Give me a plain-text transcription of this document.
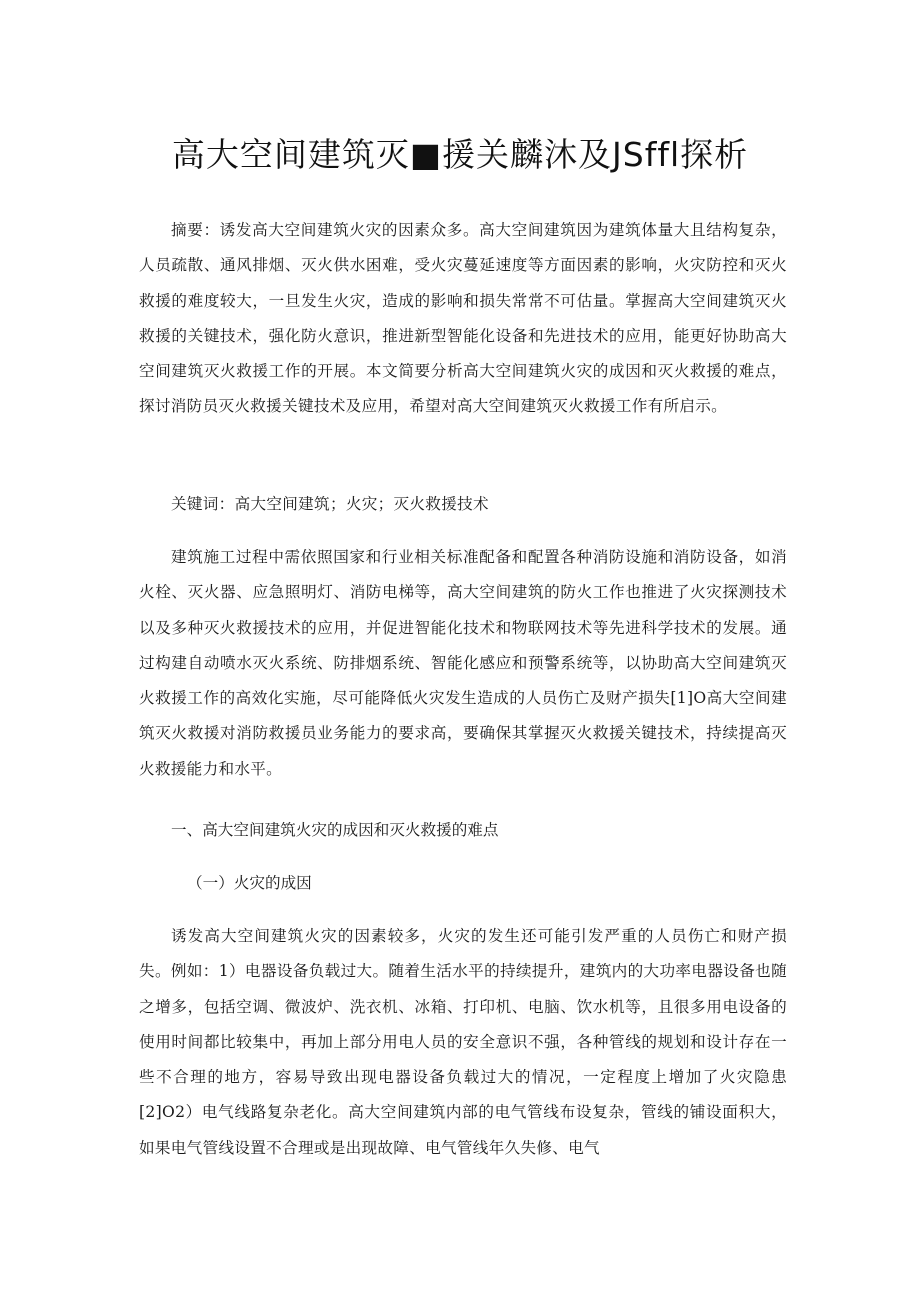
高大空间建筑灭■援关麟沐及JSffl探析

摘要：诱发高大空间建筑火灾的因素众多。高大空间建筑因为建筑体量大且结构复杂，人员疏散、通风排烟、灭火供水困难，受火灾蔓延速度等方面因素的影响，火灾防控和灭火救援的难度较大，一旦发生火灾，造成的影响和损失常常不可估量。掌握高大空间建筑灭火救援的关键技术，强化防火意识，推进新型智能化设备和先进技术的应用，能更好协助高大空间建筑灭火救援工作的开展。本文简要分析高大空间建筑火灾的成因和灭火救援的难点，探讨消防员灭火救援关键技术及应用，希望对高大空间建筑灭火救援工作有所启示。

关键词：高大空间建筑；火灾；灭火救援技术

建筑施工过程中需依照国家和行业相关标准配备和配置各种消防设施和消防设备，如消火栓、灭火器、应急照明灯、消防电梯等，高大空间建筑的防火工作也推进了火灾探测技术以及多种灭火救援技术的应用，并促进智能化技术和物联网技术等先进科学技术的发展。通过构建自动喷水灭火系统、防排烟系统、智能化感应和预警系统等，以协助高大空间建筑灭火救援工作的高效化实施，尽可能降低火灾发生造成的人员伤亡及财产损失[1]O高大空间建筑灭火救援对消防救援员业务能力的要求高，要确保其掌握灭火救援关键技术，持续提高灭火救援能力和水平。

一、高大空间建筑火灾的成因和灭火救援的难点

（一）火灾的成因

诱发高大空间建筑火灾的因素较多，火灾的发生还可能引发严重的人员伤亡和财产损失。例如：1）电器设备负载过大。随着生活水平的持续提升，建筑内的大功率电器设备也随之增多，包括空调、微波炉、洗衣机、冰箱、打印机、电脑、饮水机等，且很多用电设备的使用时间都比较集中，再加上部分用电人员的安全意识不强，各种管线的规划和设计存在一些不合理的地方，容易导致出现电器设备负载过大的情况，一定程度上增加了火灾隐患[2]O2）电气线路复杂老化。高大空间建筑内部的电气管线布设复杂，管线的铺设面积大，如果电气管线设置不合理或是出现故障、电气管线年久失修、电气
